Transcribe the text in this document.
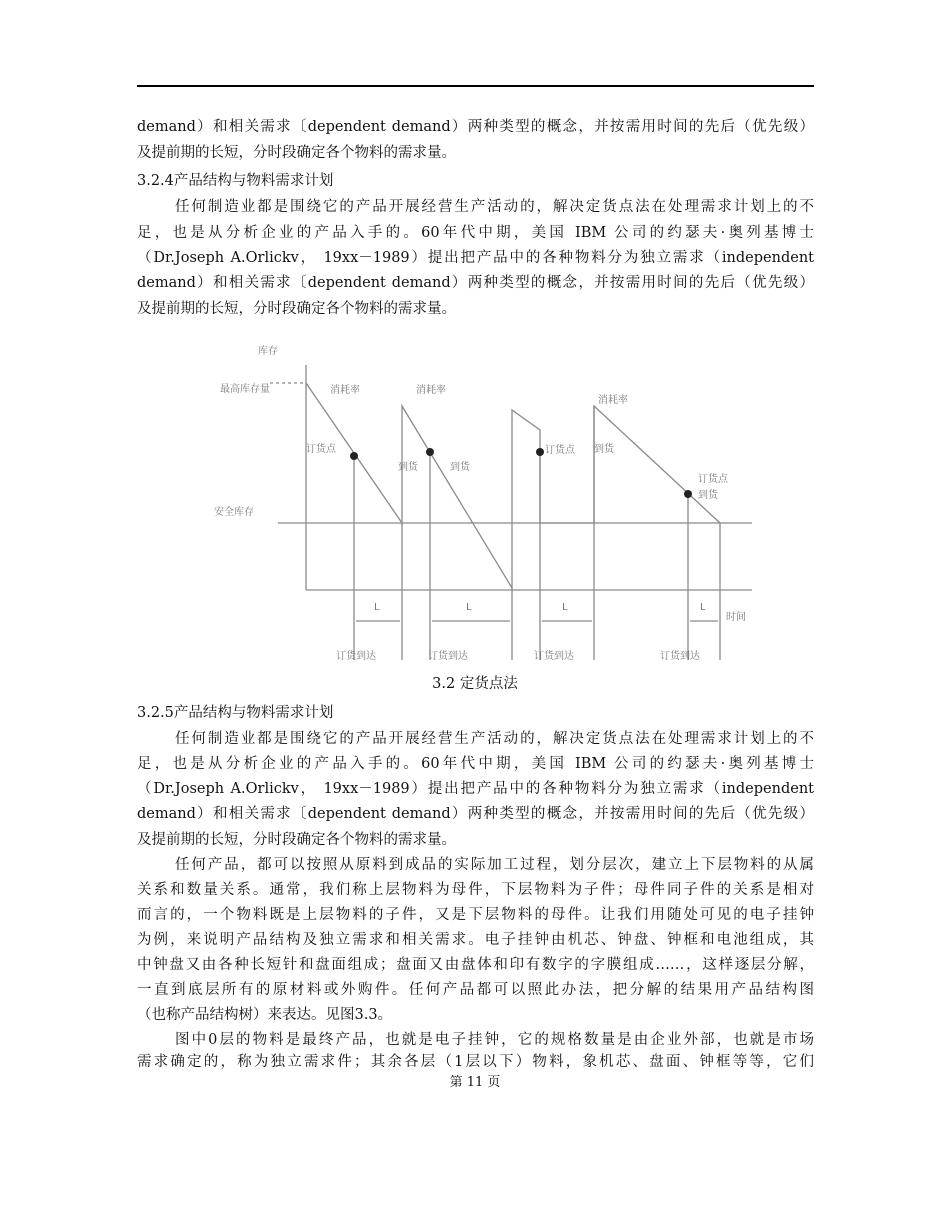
demand）和相关需求〔dependent demand）两种类型的概念，并按需用时间的先后（优先级）
及提前期的长短，分时段确定各个物料的需求量。
3.2.4产品结构与物料需求计划
任何制造业都是围绕它的产品开展经营生产活动的，解决定货点法在处理需求计划上的不
足，也是从分析企业的产品入手的。60年代中期，美国 IBM 公司的约瑟夫·奥列基博士
（Dr.Joseph A.Orlickv， 19xx－1989）提出把产品中的各种物料分为独立需求（independent
demand）和相关需求〔dependent demand）两种类型的概念，并按需用时间的先后（优先级）
及提前期的长短，分时段确定各个物料的需求量。
库存
最高库存量
安全库存
时间
消耗率	消耗率
消耗率
订货点	订货点
订货点
到货	到货
到货
到货
L	L	L	L
订货到达	订货到达	订货到达	订货到达
3.2 定货点法
3.2.5产品结构与物料需求计划
任何制造业都是围绕它的产品开展经营生产活动的，解决定货点法在处理需求计划上的不
足，也是从分析企业的产品入手的。60年代中期，美国 IBM 公司的约瑟夫·奥列基博士
（Dr.Joseph A.Orlickv， 19xx－1989）提出把产品中的各种物料分为独立需求（independent
demand）和相关需求〔dependent demand）两种类型的概念，并按需用时间的先后（优先级）
及提前期的长短，分时段确定各个物料的需求量。
任何产品，都可以按照从原料到成品的实际加工过程，划分层次，建立上下层物料的从属
关系和数量关系。通常，我们称上层物料为母件，下层物料为子件；母件同子件的关系是相对
而言的，一个物料既是上层物料的子件，又是下层物料的母件。让我们用随处可见的电子挂钟
为例，来说明产品结构及独立需求和相关需求。电子挂钟由机芯、钟盘、钟框和电池组成，其
中钟盘又由各种长短针和盘面组成；盘面又由盘体和印有数字的字膜组成……，这样逐层分解，
一直到底层所有的原材料或外购件。任何产品都可以照此办法，把分解的结果用产品结构图
（也称产品结构树）来表达。见图3.3。
图中0层的物料是最终产品，也就是电子挂钟，它的规格数量是由企业外部，也就是市场
需求确定的，称为独立需求件；其余各层（1层以下）物料，象机芯、盘面、钟框等等，它们
第 11 页
